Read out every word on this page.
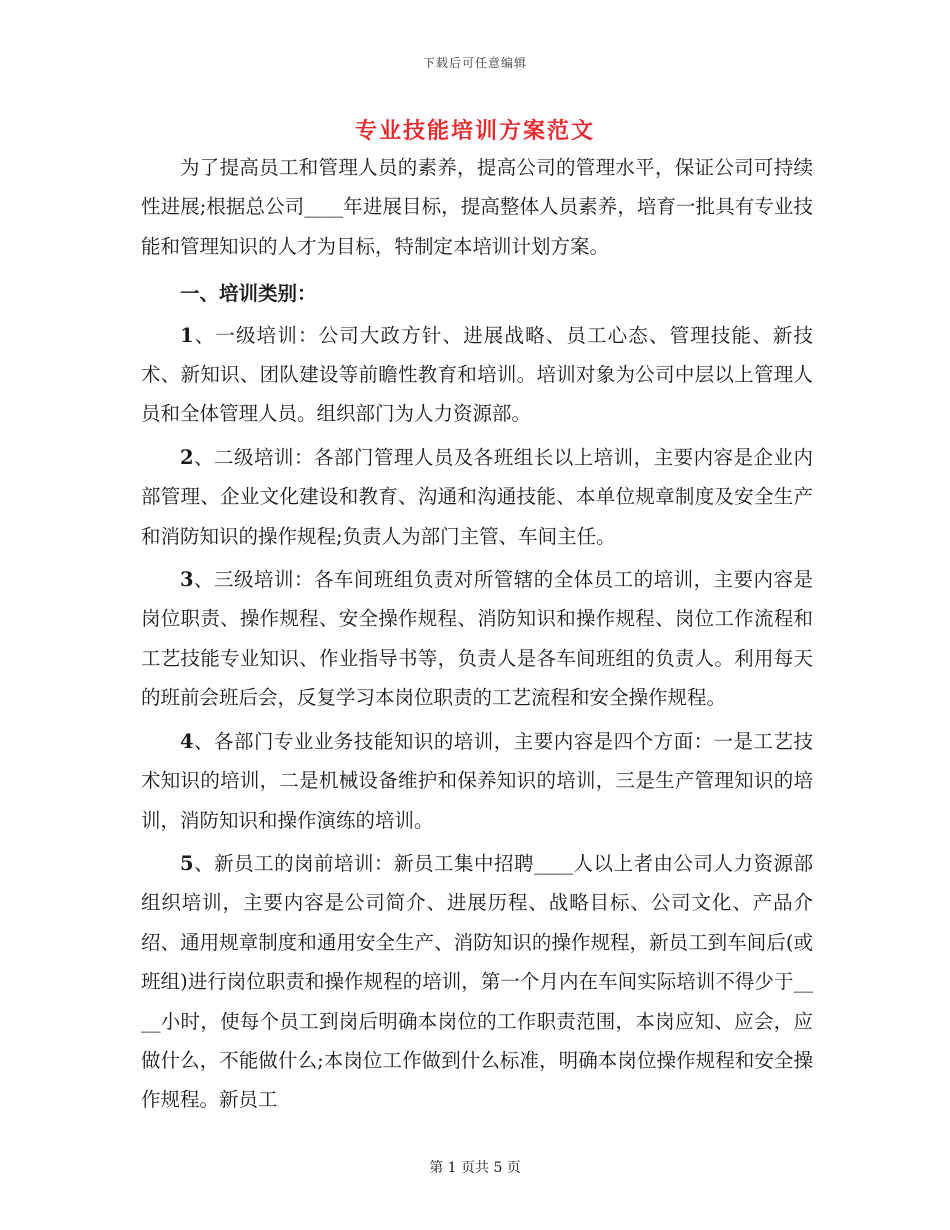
下载后可任意编辑
专业技能培训方案范文

为了提高员工和管理人员的素养，提高公司的管理水平，保证公司可持续性进展;根据总公司____年进展目标，提高整体人员素养，培育一批具有专业技能和管理知识的人才为目标，特制定本培训计划方案。

一、培训类别：

1、一级培训：公司大政方针、进展战略、员工心态、管理技能、新技术、新知识、团队建设等前瞻性教育和培训。培训对象为公司中层以上管理人员和全体管理人员。组织部门为人力资源部。

2、二级培训：各部门管理人员及各班组长以上培训，主要内容是企业内部管理、企业文化建设和教育、沟通和沟通技能、本单位规章制度及安全生产和消防知识的操作规程;负责人为部门主管、车间主任。

3、三级培训：各车间班组负责对所管辖的全体员工的培训，主要内容是岗位职责、操作规程、安全操作规程、消防知识和操作规程、岗位工作流程和工艺技能专业知识、作业指导书等，负责人是各车间班组的负责人。利用每天的班前会班后会，反复学习本岗位职责的工艺流程和安全操作规程。

4、各部门专业业务技能知识的培训，主要内容是四个方面：一是工艺技术知识的培训，二是机械设备维护和保养知识的培训，三是生产管理知识的培训，消防知识和操作演练的培训。

5、新员工的岗前培训：新员工集中招聘____人以上者由公司人力资源部组织培训，主要内容是公司简介、进展历程、战略目标、公司文化、产品介绍、通用规章制度和通用安全生产、消防知识的操作规程，新员工到车间后(或班组)进行岗位职责和操作规程的培训，第一个月内在车间实际培训不得少于____小时，使每个员工到岗后明确本岗位的工作职责范围，本岗应知、应会，应做什么，不能做什么;本岗位工作做到什么标准，明确本岗位操作规程和安全操作规程。新员工

第 1 页共 5 页
